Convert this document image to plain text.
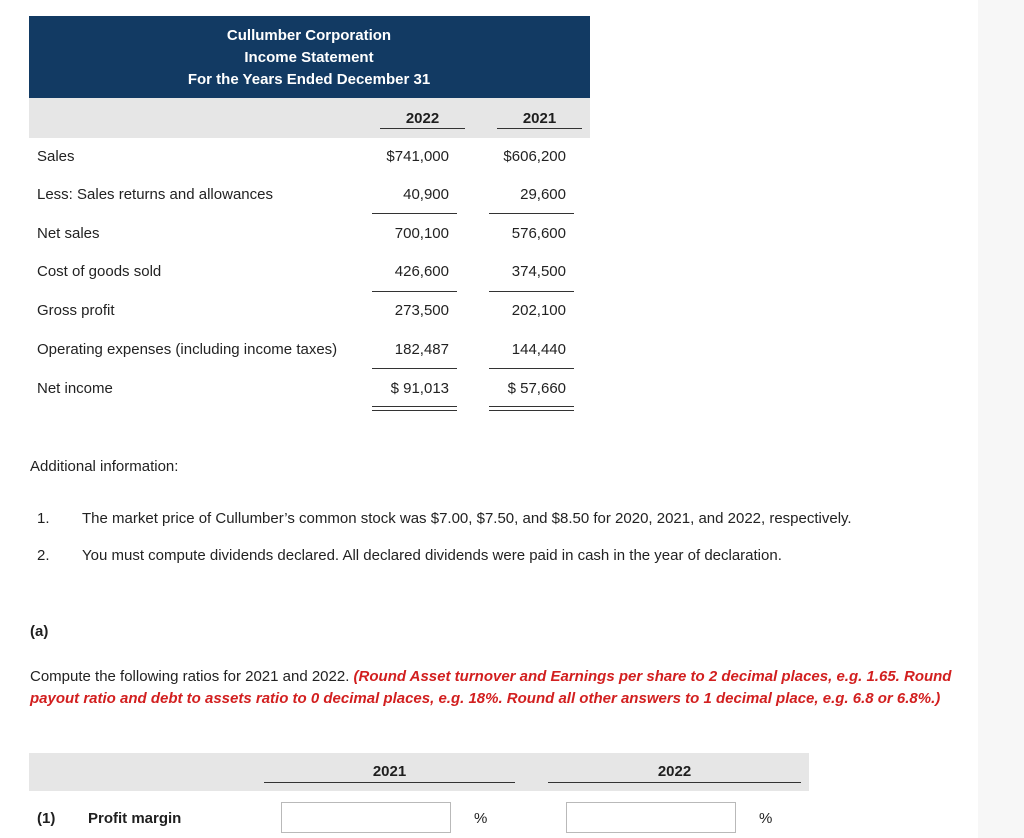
Cullumber Corporation
Income Statement
For the Years Ended December 31
2022	2021
Sales	$741,000	$606,200
Less: Sales returns and allowances	40,900	29,600
Net sales	700,100	576,600
Cost of goods sold	426,600	374,500
Gross profit	273,500	202,100
Operating expenses (including income taxes)	182,487	144,440
Net income	$ 91,013	$ 57,660
Additional information:
1. The market price of Cullumber’s common stock was $7.00, $7.50, and $8.50 for 2020, 2021, and 2022, respectively.
2. You must compute dividends declared. All declared dividends were paid in cash in the year of declaration.
(a)
Compute the following ratios for 2021 and 2022. (Round Asset turnover and Earnings per share to 2 decimal places, e.g. 1.65. Round payout ratio and debt to assets ratio to 0 decimal places, e.g. 18%. Round all other answers to 1 decimal place, e.g. 6.8 or 6.8%.)
2021	2022
(1) Profit margin	%	%
